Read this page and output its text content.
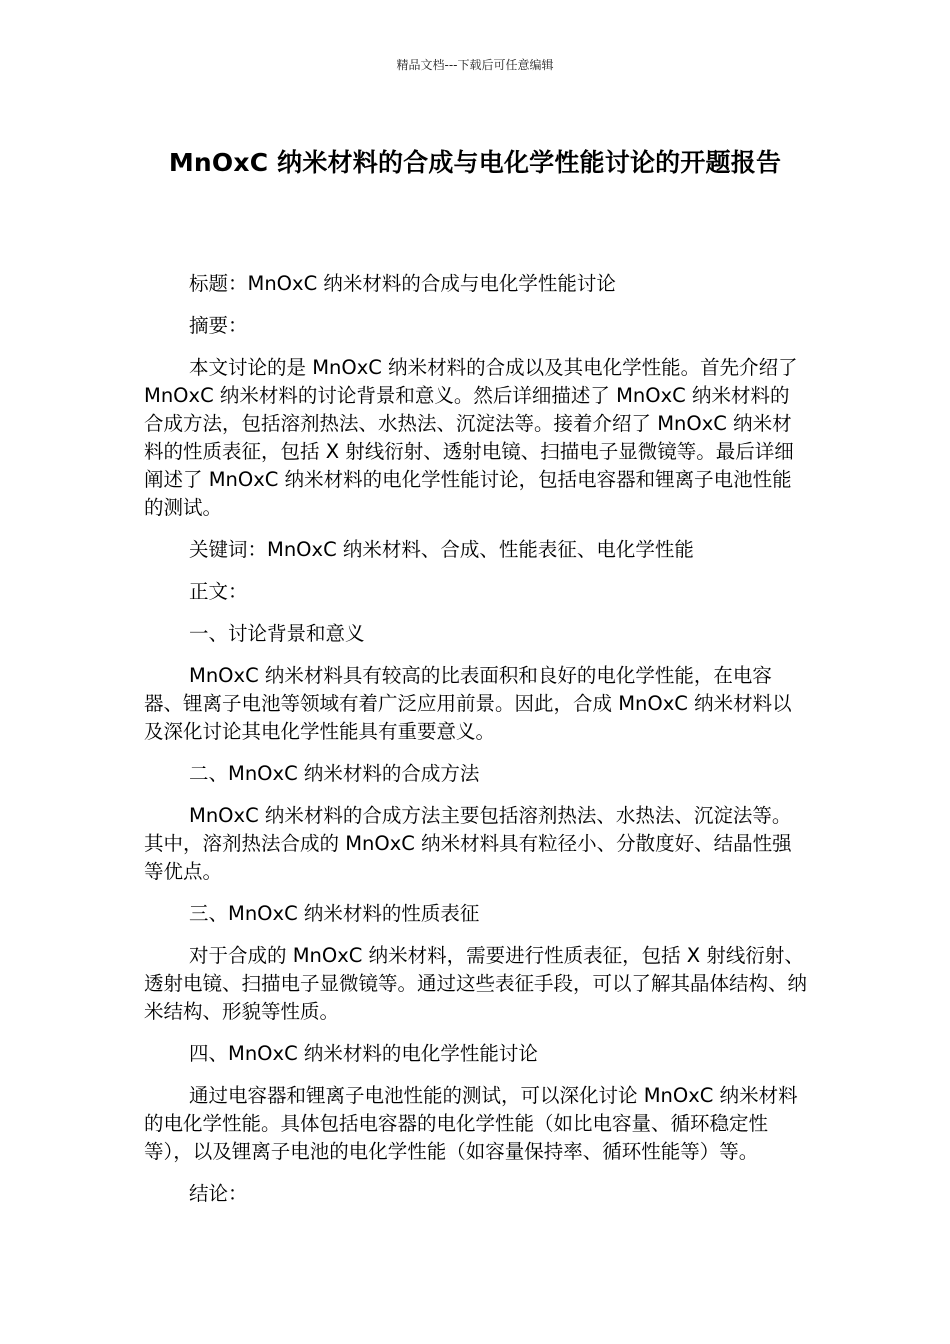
精品文档---下载后可任意编辑
MnOxC 纳米材料的合成与电化学性能讨论的开题报告

标题：MnOxC 纳米材料的合成与电化学性能讨论

摘要：

本文讨论的是 MnOxC 纳米材料的合成以及其电化学性能。首先介绍了 MnOxC 纳米材料的讨论背景和意义。然后详细描述了 MnOxC 纳米材料的合成方法，包括溶剂热法、水热法、沉淀法等。接着介绍了 MnOxC 纳米材料的性质表征，包括 X 射线衍射、透射电镜、扫描电子显微镜等。最后详细阐述了 MnOxC 纳米材料的电化学性能讨论，包括电容器和锂离子电池性能的测试。

关键词：MnOxC 纳米材料、合成、性能表征、电化学性能

正文：

一、讨论背景和意义

MnOxC 纳米材料具有较高的比表面积和良好的电化学性能，在电容器、锂离子电池等领域有着广泛应用前景。因此，合成 MnOxC 纳米材料以及深化讨论其电化学性能具有重要意义。

二、MnOxC 纳米材料的合成方法

MnOxC 纳米材料的合成方法主要包括溶剂热法、水热法、沉淀法等。其中，溶剂热法合成的 MnOxC 纳米材料具有粒径小、分散度好、结晶性强等优点。

三、MnOxC 纳米材料的性质表征

对于合成的 MnOxC 纳米材料，需要进行性质表征，包括 X 射线衍射、透射电镜、扫描电子显微镜等。通过这些表征手段，可以了解其晶体结构、纳米结构、形貌等性质。

四、MnOxC 纳米材料的电化学性能讨论

通过电容器和锂离子电池性能的测试，可以深化讨论 MnOxC 纳米材料的电化学性能。具体包括电容器的电化学性能（如比电容量、循环稳定性等），以及锂离子电池的电化学性能（如容量保持率、循环性能等）等。

结论：
